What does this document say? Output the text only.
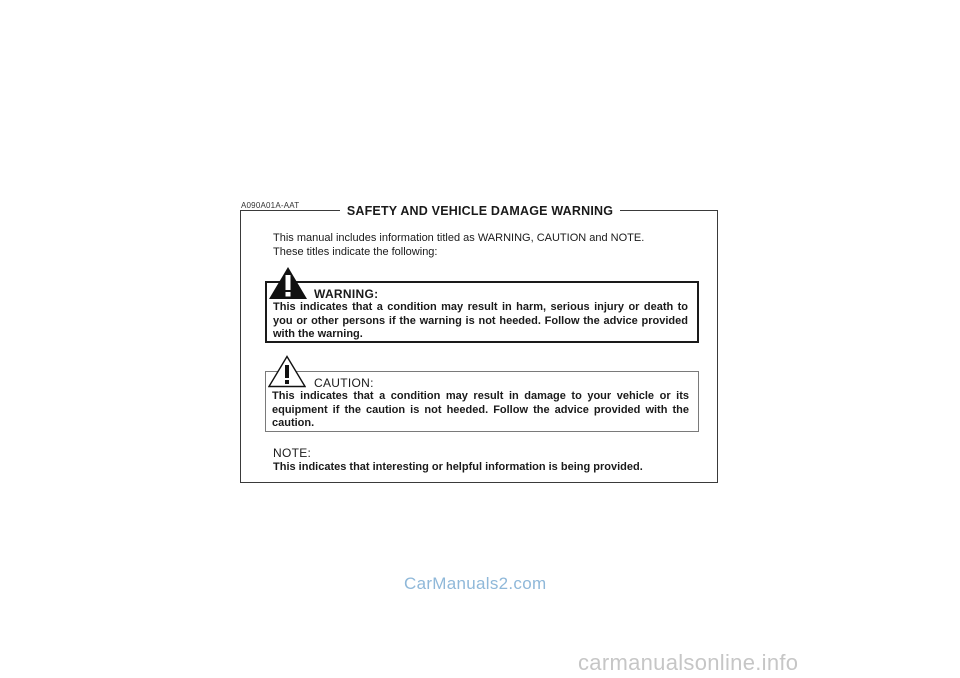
A090A01A-AAT	SAFETY AND VEHICLE DAMAGE WARNING
This manual includes information titled as WARNING, CAUTION and NOTE.
These titles indicate the following:
WARNING:
This indicates that a condition may result in harm, serious injury or death to you or other persons if the warning is not heeded. Follow the advice provided with the warning.
CAUTION:
This indicates that a condition may result in damage to your vehicle or its equipment if the caution is not heeded. Follow the advice provided with the caution.
NOTE:
This indicates that interesting or helpful information is being provided.
CarManuals2.com
carmanualsonline.info
